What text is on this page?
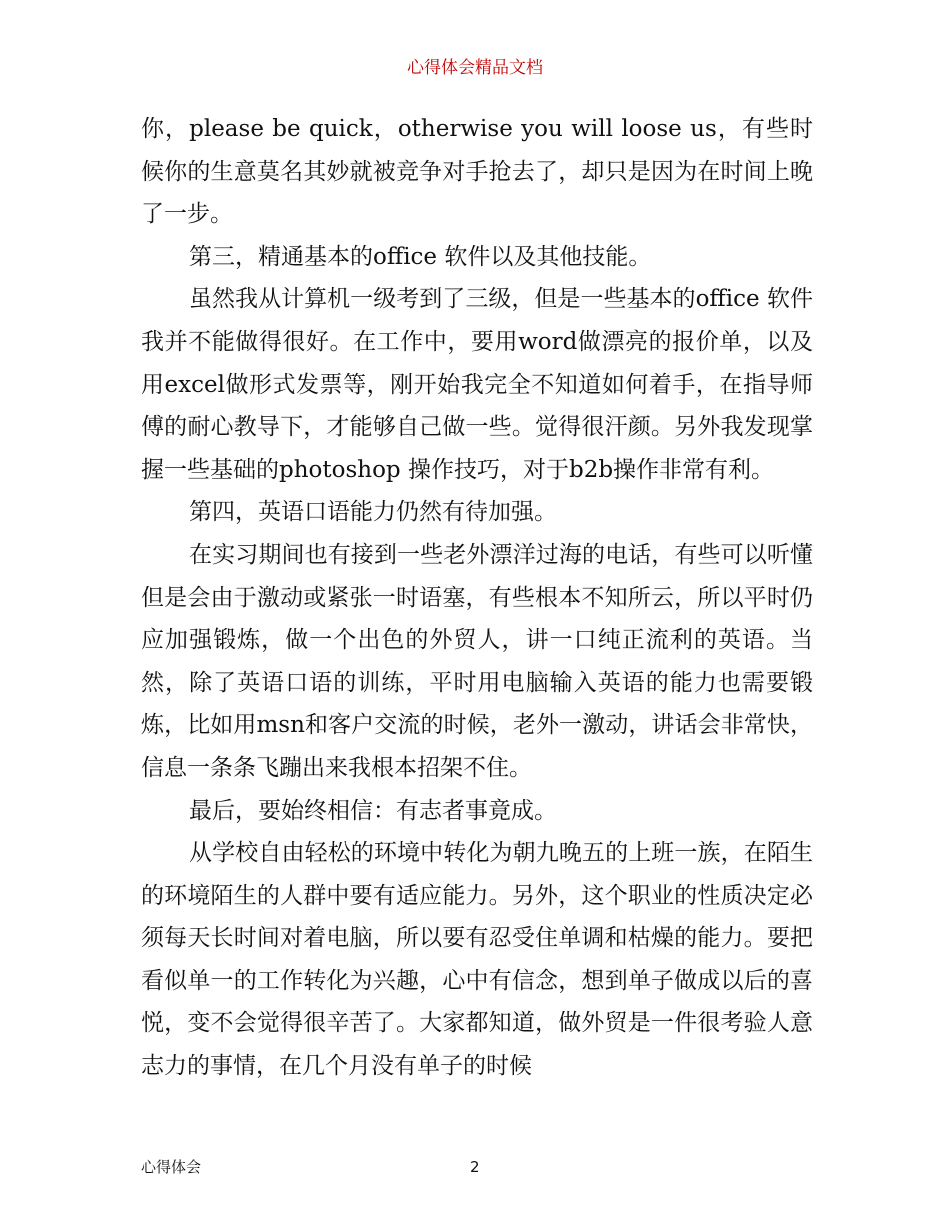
心得体会精品文档

你，please be quick，otherwise you will loose us，有些时候你的生意莫名其妙就被竞争对手抢去了，却只是因为在时间上晚了一步。

第三，精通基本的office 软件以及其他技能。

虽然我从计算机一级考到了三级，但是一些基本的office 软件我并不能做得很好。在工作中，要用word做漂亮的报价单，以及用excel做形式发票等，刚开始我完全不知道如何着手，在指导师傅的耐心教导下，才能够自己做一些。觉得很汗颜。另外我发现掌握一些基础的photoshop 操作技巧，对于b2b操作非常有利。

第四，英语口语能力仍然有待加强。

在实习期间也有接到一些老外漂洋过海的电话，有些可以听懂但是会由于激动或紧张一时语塞，有些根本不知所云，所以平时仍应加强锻炼，做一个出色的外贸人，讲一口纯正流利的英语。当然，除了英语口语的训练，平时用电脑输入英语的能力也需要锻炼，比如用msn和客户交流的时候，老外一激动，讲话会非常快，信息一条条飞蹦出来我根本招架不住。

最后，要始终相信：有志者事竟成。

从学校自由轻松的环境中转化为朝九晚五的上班一族，在陌生的环境陌生的人群中要有适应能力。另外，这个职业的性质决定必须每天长时间对着电脑，所以要有忍受住单调和枯燥的能力。要把看似单一的工作转化为兴趣，心中有信念，想到单子做成以后的喜悦，变不会觉得很辛苦了。大家都知道，做外贸是一件很考验人意志力的事情，在几个月没有单子的时候

心得体会	2
